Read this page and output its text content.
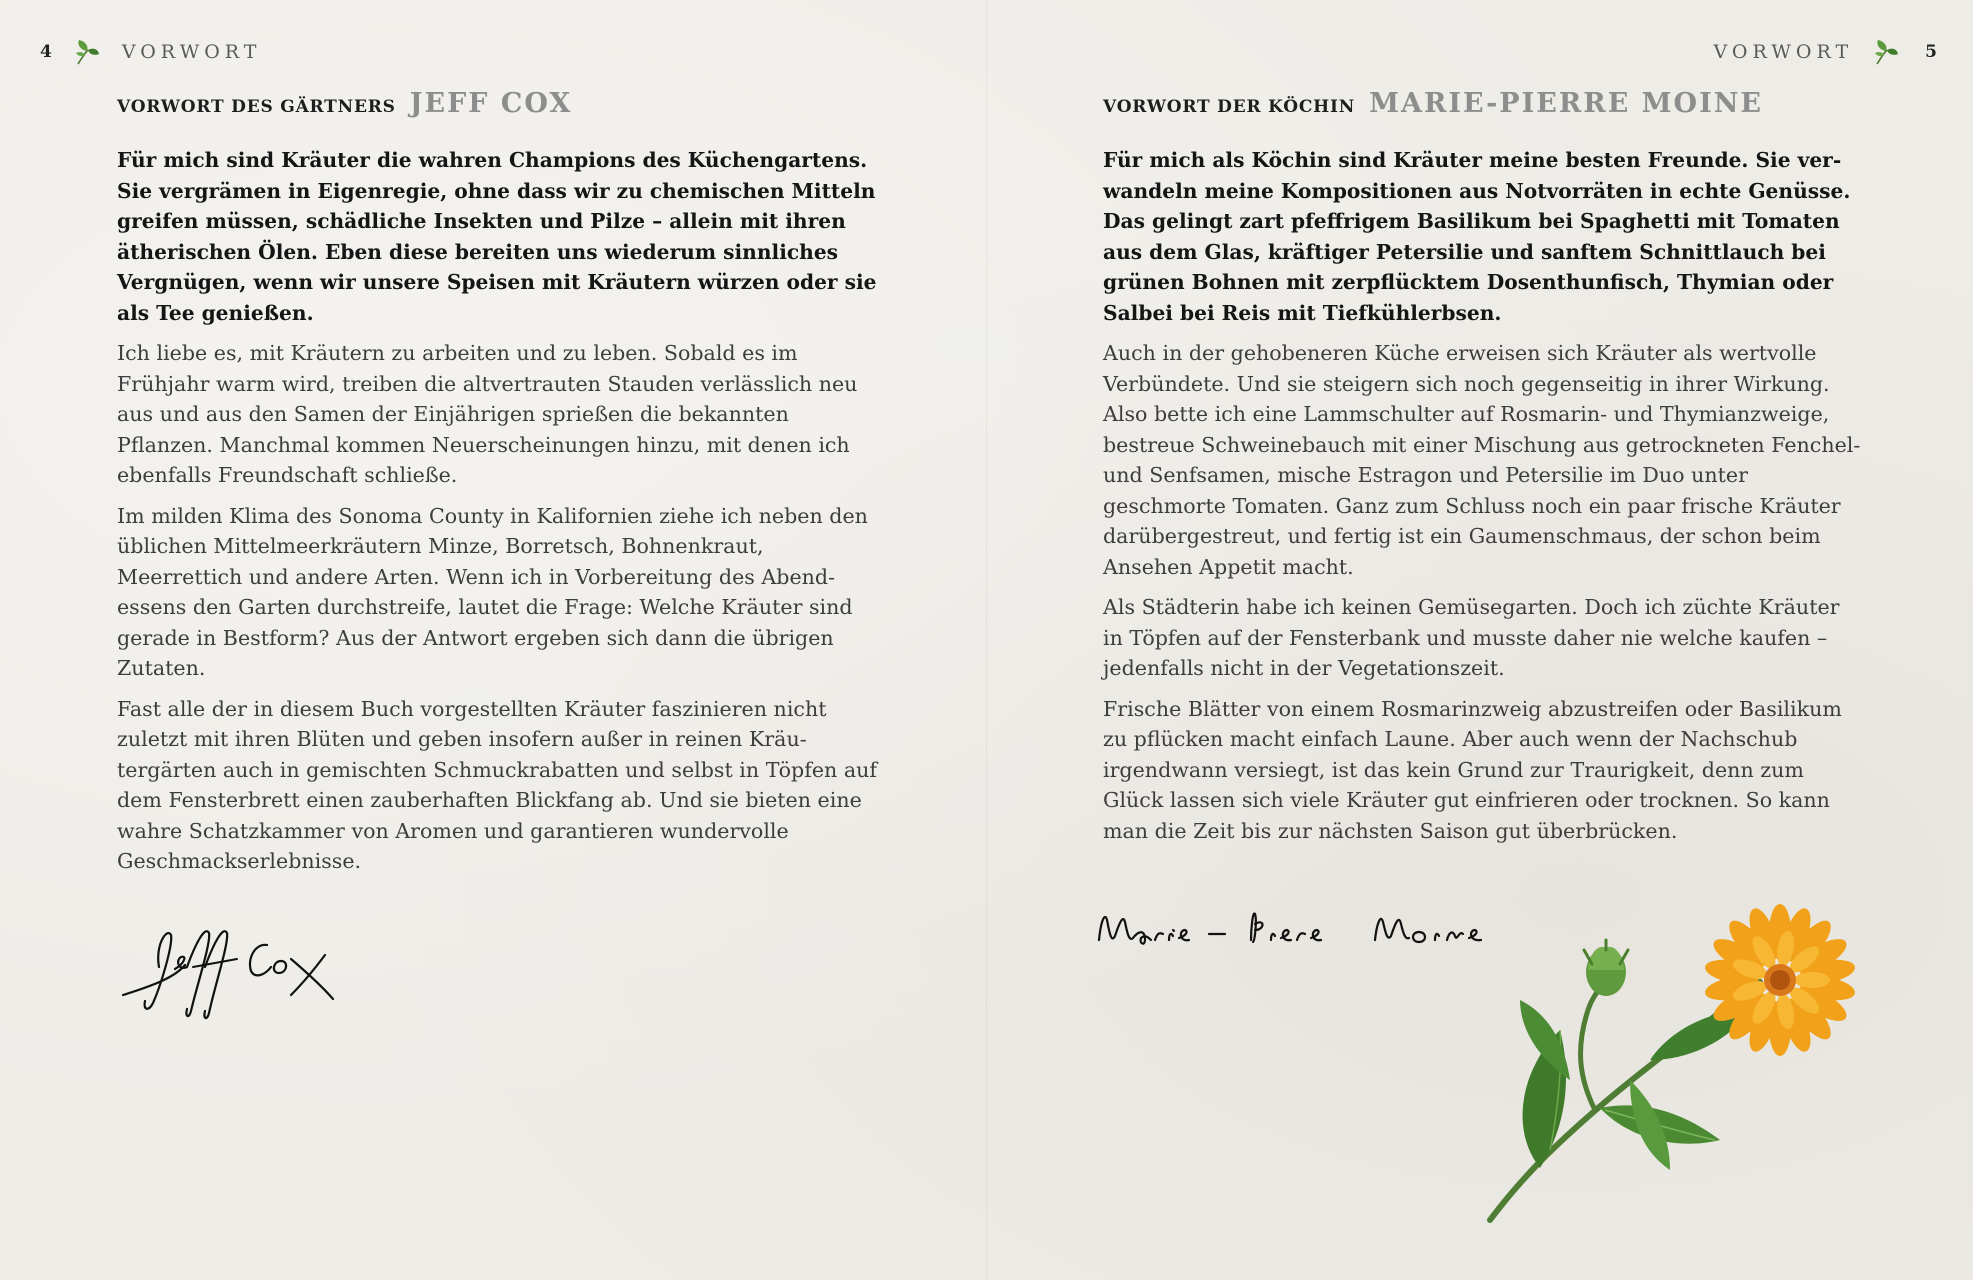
4	VORWORT
VORWORT DES GÄRTNERS JEFF COX

Für mich sind Kräuter die wahren Champions des Küchengartens. Sie vergrämen in Eigenregie, ohne dass wir zu chemischen Mitteln greifen müssen, schädliche Insekten und Pilze – allein mit ihren ätherischen Ölen. Eben diese bereiten uns wiederum sinnliches Vergnügen, wenn wir unsere Speisen mit Kräutern würzen oder sie als Tee genießen.

Ich liebe es, mit Kräutern zu arbeiten und zu leben. Sobald es im Frühjahr warm wird, treiben die altvertrauten Stauden verlässlich neu aus und aus den Samen der Einjährigen sprießen die bekannten Pflanzen. Manchmal kommen Neuerscheinungen hinzu, mit denen ich ebenfalls Freundschaft schließe.

Im milden Klima des Sonoma County in Kalifornien ziehe ich neben den üblichen Mittelmeerkräutern Minze, Borretsch, Bohnenkraut, Meerrettich und andere Arten. Wenn ich in Vorbereitung des Abendessens den Garten durchstreife, lautet die Frage: Welche Kräuter sind gerade in Bestform? Aus der Antwort ergeben sich dann die übrigen Zutaten.

Fast alle der in diesem Buch vorgestellten Kräuter faszinieren nicht zuletzt mit ihren Blüten und geben insofern außer in reinen Kräutergärten auch in gemischten Schmuckrabatten und selbst in Töpfen auf dem Fensterbrett einen zauberhaften Blickfang ab. Und sie bieten eine wahre Schatzkammer von Aromen und garantieren wundervolle Geschmackserlebnisse.

VORWORT	5
VORWORT DER KÖCHIN MARIE-PIERRE MOINE

Für mich als Köchin sind Kräuter meine besten Freunde. Sie verwandeln meine Kompositionen aus Notvorräten in echte Genüsse. Das gelingt zart pfeffrigem Basilikum bei Spaghetti mit Tomaten aus dem Glas, kräftiger Petersilie und sanftem Schnittlauch bei grünen Bohnen mit zerpflücktem Dosenthunfisch, Thymian oder Salbei bei Reis mit Tiefkühlerbsen.

Auch in der gehobeneren Küche erweisen sich Kräuter als wertvolle Verbündete. Und sie steigern sich noch gegenseitig in ihrer Wirkung. Also bette ich eine Lammschulter auf Rosmarin- und Thymianzweige, bestreue Schweinebauch mit einer Mischung aus getrockneten Fenchel- und Senfsamen, mische Estragon und Petersilie im Duo unter geschmorte Tomaten. Ganz zum Schluss noch ein paar frische Kräuter darübergestreut, und fertig ist ein Gaumenschmaus, der schon beim Ansehen Appetit macht.

Als Städterin habe ich keinen Gemüsegarten. Doch ich züchte Kräuter in Töpfen auf der Fensterbank und musste daher nie welche kaufen – jedenfalls nicht in der Vegetationszeit.

Frische Blätter von einem Rosmarinzweig abzustreifen oder Basilikum zu pflücken macht einfach Laune. Aber auch wenn der Nachschub irgendwann versiegt, ist das kein Grund zur Traurigkeit, denn zum Glück lassen sich viele Kräuter gut einfrieren oder trocknen. So kann man die Zeit bis zur nächsten Saison gut überbrücken.
